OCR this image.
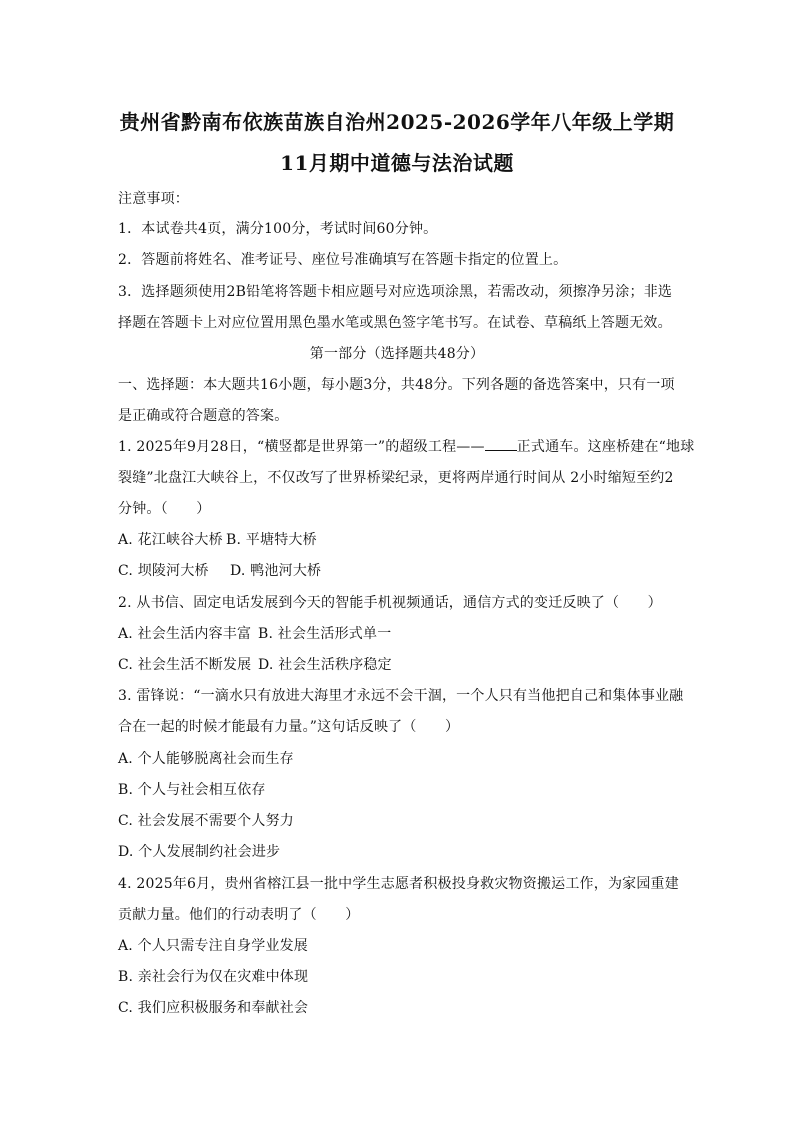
贵州省黔南布依族苗族自治州2025-2026学年八年级上学期
11月期中道德与法治试题
注意事项：
1．本试卷共4页，满分100分，考试时间60分钟。
2．答题前将姓名、准考证号、座位号准确填写在答题卡指定的位置上。
3．选择题须使用2B铅笔将答题卡相应题号对应选项涂黑，若需改动，须擦净另涂；非选
择题在答题卡上对应位置用黑色墨水笔或黑色签字笔书写。在试卷、草稿纸上答题无效。
第一部分（选择题共48分）
一、选择题：本大题共16小题，每小题3分，共48分。下列各题的备选答案中，只有一项
是正确或符合题意的答案。
1. 2025年9月28日，“横竖都是世界第一”的超级工程—— 正式通车。这座桥建在“地球
裂缝”北盘江大峡谷上，不仅改写了世界桥梁纪录，更将两岸通行时间从 2小时缩短至约2
分钟。（　　）
A. 花江峡谷大桥 B. 平塘特大桥
C. 坝陵河大桥 D. 鸭池河大桥
2. 从书信、固定电话发展到今天的智能手机视频通话，通信方式的变迁反映了（　　）
A. 社会生活内容丰富 B. 社会生活形式单一
C. 社会生活不断发展 D. 社会生活秩序稳定
3. 雷锋说：“一滴水只有放进大海里才永远不会干涸，一个人只有当他把自己和集体事业融
合在一起的时候才能最有力量。”这句话反映了（　　）
A. 个人能够脱离社会而生存
B. 个人与社会相互依存
C. 社会发展不需要个人努力
D. 个人发展制约社会进步
4. 2025年6月，贵州省榕江县一批中学生志愿者积极投身救灾物资搬运工作，为家园重建
贡献力量。他们的行动表明了（　　）
A. 个人只需专注自身学业发展
B. 亲社会行为仅在灾难中体现
C. 我们应积极服务和奉献社会
